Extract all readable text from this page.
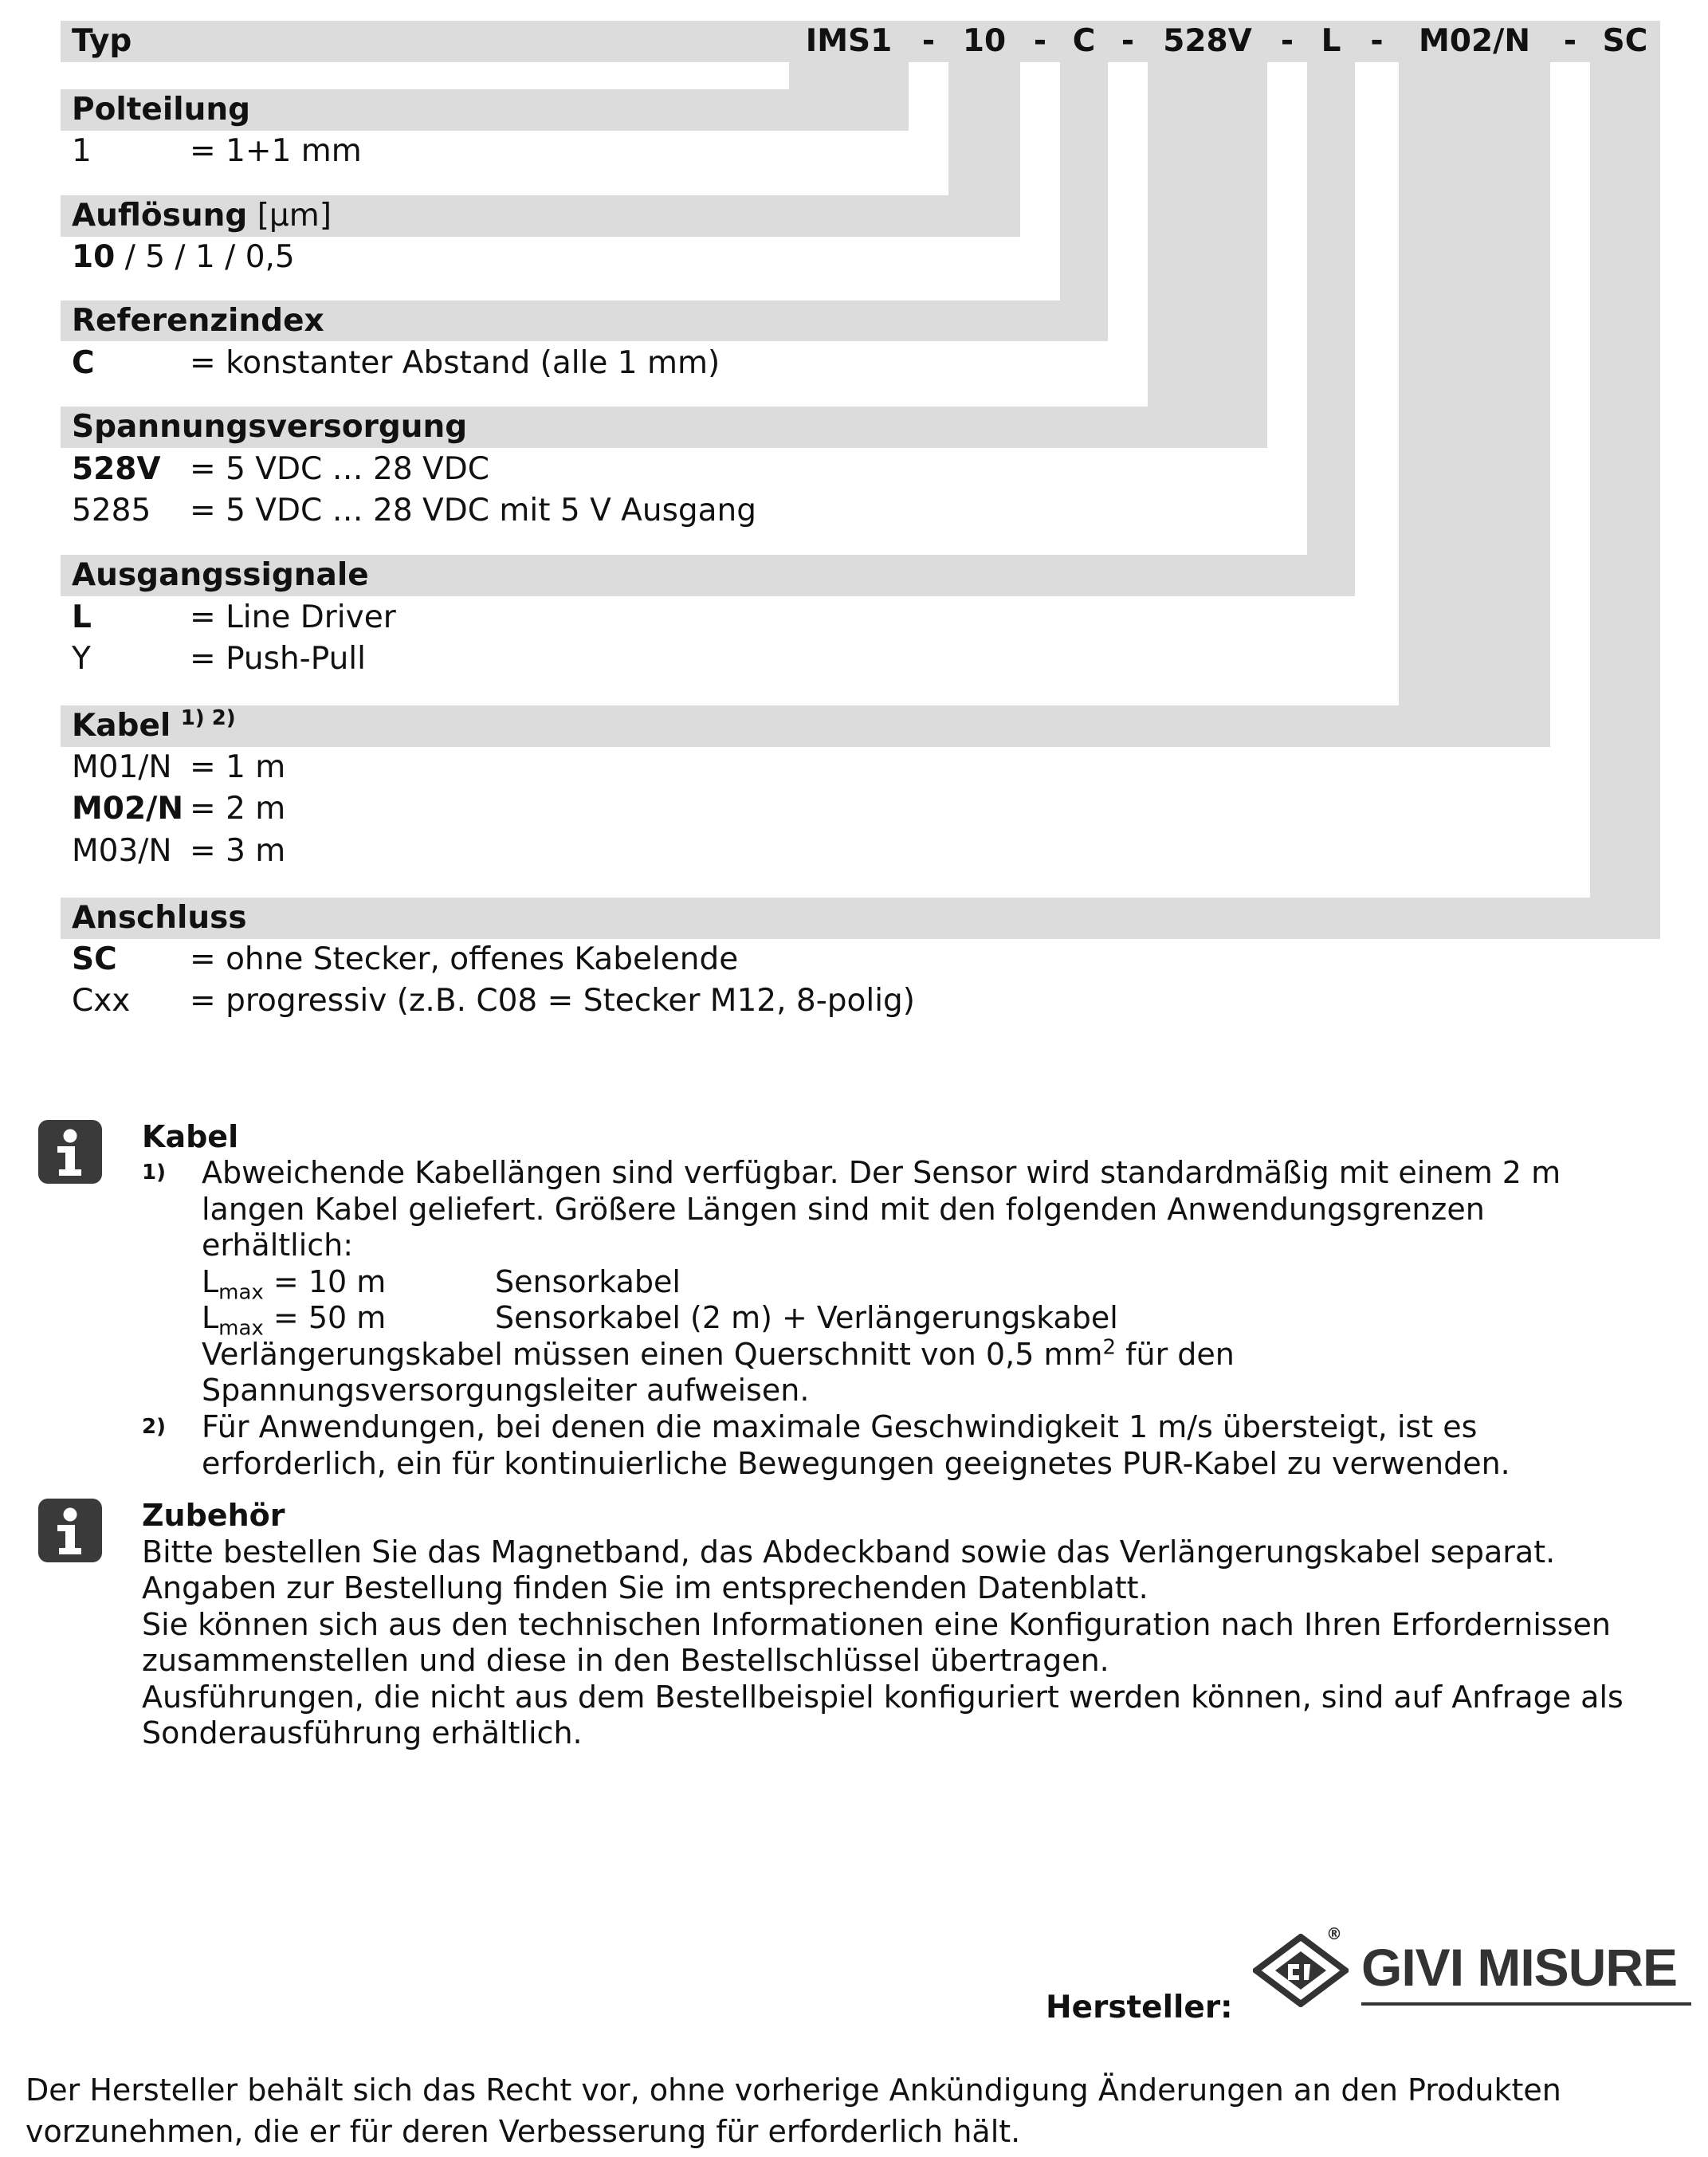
Typ	IMS1 - 10 - C - 528V - L -	M02/N	- SC
Polteilung
1	= 1+1 mm
Auflösung [µm]
10 / 5 / 1 / 0,5
Referenzindex
C	= konstanter Abstand (alle 1 mm)
Spannungsversorgung
528V = 5 VDC … 28 VDC
5285 = 5 VDC … 28 VDC mit 5 V Ausgang
Ausgangssignale
L	= Line Driver
Y	= Push-Pull
Kabel $^{1) 2)}$
M01/N = 1 m
M02/N = 2 m
M03/N = 3 m
Anschluss
SC = ohne Stecker, offenes Kabelende
Cxx = progressiv (z.B. C08 = Stecker M12, 8-polig)
Kabel
$^{1)}$ Abweichende Kabellängen sind verfügbar. Der Sensor wird standardmäßig mit einem 2 m
langen Kabel geliefert. Größere Längen sind mit den folgenden Anwendungsgrenzen
erhältlich:
$L_{max} = 10$ m	Sensorkabel
$L_{max} = 50$ m	Sensorkabel (2 m) + Verlängerungskabel
Verlängerungskabel müssen einen Querschnitt von 0,5 $mm^2$ für den
Spannungsversorgungsleiter aufweisen.
$^{2)}$ Für Anwendungen, bei denen die maximale Geschwindigkeit 1 m/s übersteigt, ist es
erforderlich, ein für kontinuierliche Bewegungen geeignetes PUR-Kabel zu verwenden.
Zubehör
Bitte bestellen Sie das Magnetband, das Abdeckband sowie das Verlängerungskabel separat.
Angaben zur Bestellung finden Sie im entsprechenden Datenblatt.
Sie können sich aus den technischen Informationen eine Konfiguration nach Ihren Erfordernissen
zusammenstellen und diese in den Bestellschlüssel übertragen.
Ausführungen, die nicht aus dem Bestellbeispiel konfiguriert werden können, sind auf Anfrage als
Sonderausführung erhältlich.
Hersteller:
®
GIVI MISURE
Der Hersteller behält sich das Recht vor, ohne vorherige Ankündigung Änderungen an den Produkten
vorzunehmen, die er für deren Verbesserung für erforderlich hält.
